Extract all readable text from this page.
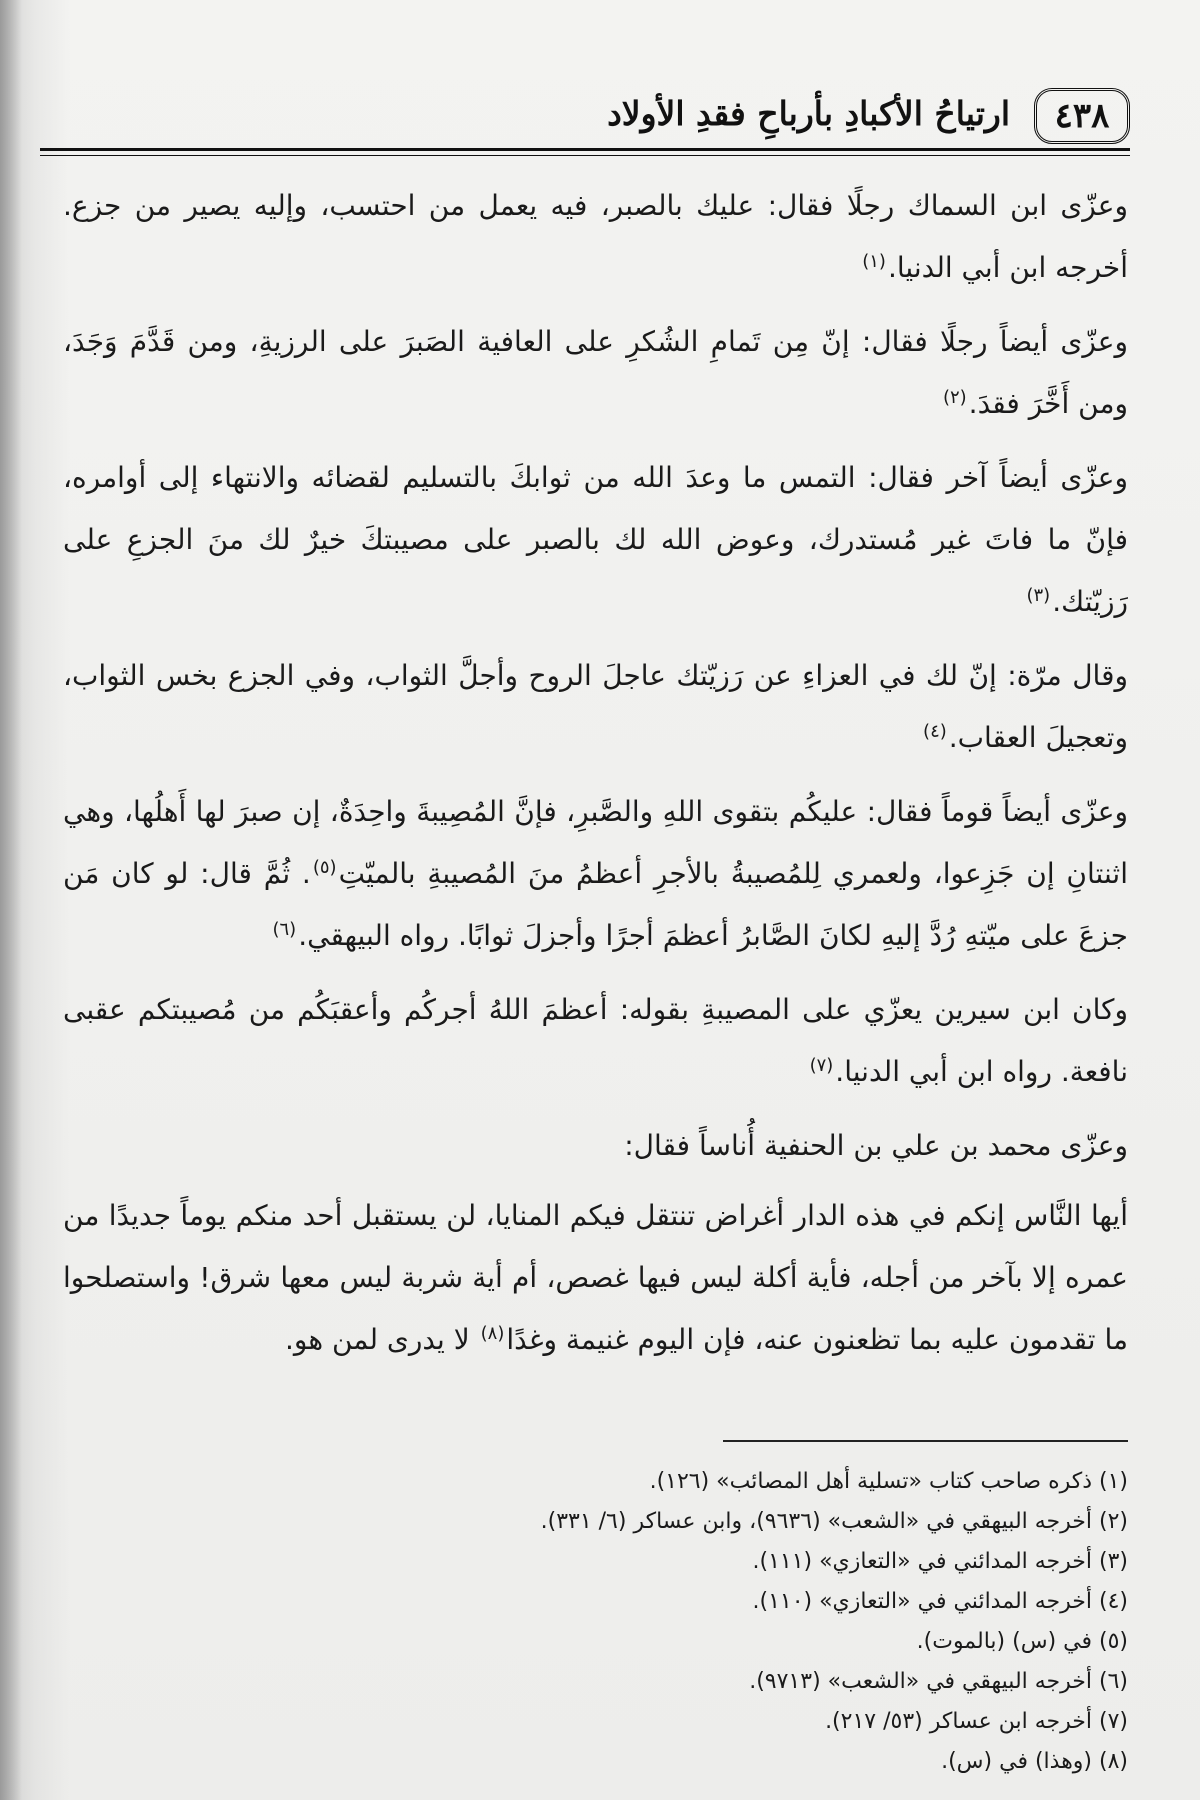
٤٣٨
ارتياحُ الأكبادِ بأرباحِ فقدِ الأولاد

وعزّى ابن السماك رجلًا فقال: عليك بالصبر، فيه يعمل من احتسب، وإليه يصير من جزع. أخرجه ابن أبي الدنيا.$^{(١)}$

وعزّى أيضاً رجلًا فقال: إنّ مِن تَمامِ الشُكرِ على العافية الصَبرَ على الرزيةِ، ومن قَدَّمَ وَجَدَ، ومن أَخَّرَ فقدَ.$^{(٢)}$

وعزّى أيضاً آخر فقال: التمس ما وعدَ الله من ثوابكَ بالتسليم لقضائه والانتهاء إلى أوامره، فإنّ ما فاتَ غير مُستدرك، وعوض الله لك بالصبر على مصيبتكَ خيرٌ لك منَ الجزعِ على رَزيّتك.$^{(٣)}$

وقال مرّة: إنّ لك في العزاءِ عن رَزيّتك عاجلَ الروح وأجلَّ الثواب، وفي الجزع بخس الثواب، وتعجيلَ العقاب.$^{(٤)}$

وعزّى أيضاً قوماً فقال: عليكُم بتقوى اللهِ والصَّبرِ، فإنَّ المُصِيبةَ واحِدَةٌ، إن صبرَ لها أَهلُها، وهي اثنتانِ إن جَزِعوا، ولعمري لِلمُصيبةُ بالأجرِ أعظمُ منَ المُصيبةِ بالميّتِ$^{(٥)}$. ثُمَّ قال: لو كان مَن جزعَ على ميّتهِ رُدَّ إليهِ لكانَ الصَّابرُ أعظمَ أجرًا وأجزلَ ثوابًا. رواه البيهقي.$^{(٦)}$

وكان ابن سيرين يعزّي على المصيبةِ بقوله: أعظمَ اللهُ أجركُم وأعقبَكُم من مُصيبتكم عقبى نافعة. رواه ابن أبي الدنيا.$^{(٧)}$

وعزّى محمد بن علي بن الحنفية أُناساً فقال:

أيها النَّاس إنكم في هذه الدار أغراض تنتقل فيكم المنايا، لن يستقبل أحد منكم يوماً جديدًا من عمره إلا بآخر من أجله، فأية أكلة ليس فيها غصص، أم أية شربة ليس معها شرق! واستصلحوا ما تقدمون عليه بما تظعنون عنه، فإن اليوم غنيمة وغدًا$^{(٨)}$ لا يدرى لمن هو.

(١) ذكره صاحب كتاب «تسلية أهل المصائب» (١٢٦).
(٢) أخرجه البيهقي في «الشعب» (٩٦٣٦)، وابن عساكر (٦/ ٣٣١).
(٣) أخرجه المدائني في «التعازي» (١١١).
(٤) أخرجه المدائني في «التعازي» (١١٠).
(٥) في (س) (بالموت).
(٦) أخرجه البيهقي في «الشعب» (٩٧١٣).
(٧) أخرجه ابن عساكر (٥٣/ ٢١٧).
(٨) (وهذا) في (س).
